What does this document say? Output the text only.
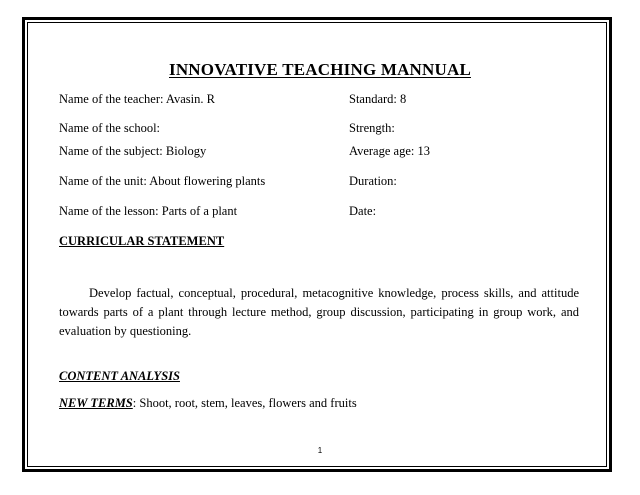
INNOVATIVE TEACHING MANNUAL
Name of the teacher: Avasin. R
Name of the school:
Name of the subject: Biology
Name of the unit: About flowering plants
Name of the lesson: Parts of a plant
Standard: 8
Strength:
Average age: 13
Duration:
Date:
CURRICULAR STATEMENT
Develop factual, conceptual, procedural, metacognitive knowledge, process skills, and attitude towards parts of a plant through lecture method, group discussion, participating in group work, and evaluation by questioning.
CONTENT ANALYSIS
NEW TERMS: Shoot, root, stem, leaves, flowers and fruits
1
